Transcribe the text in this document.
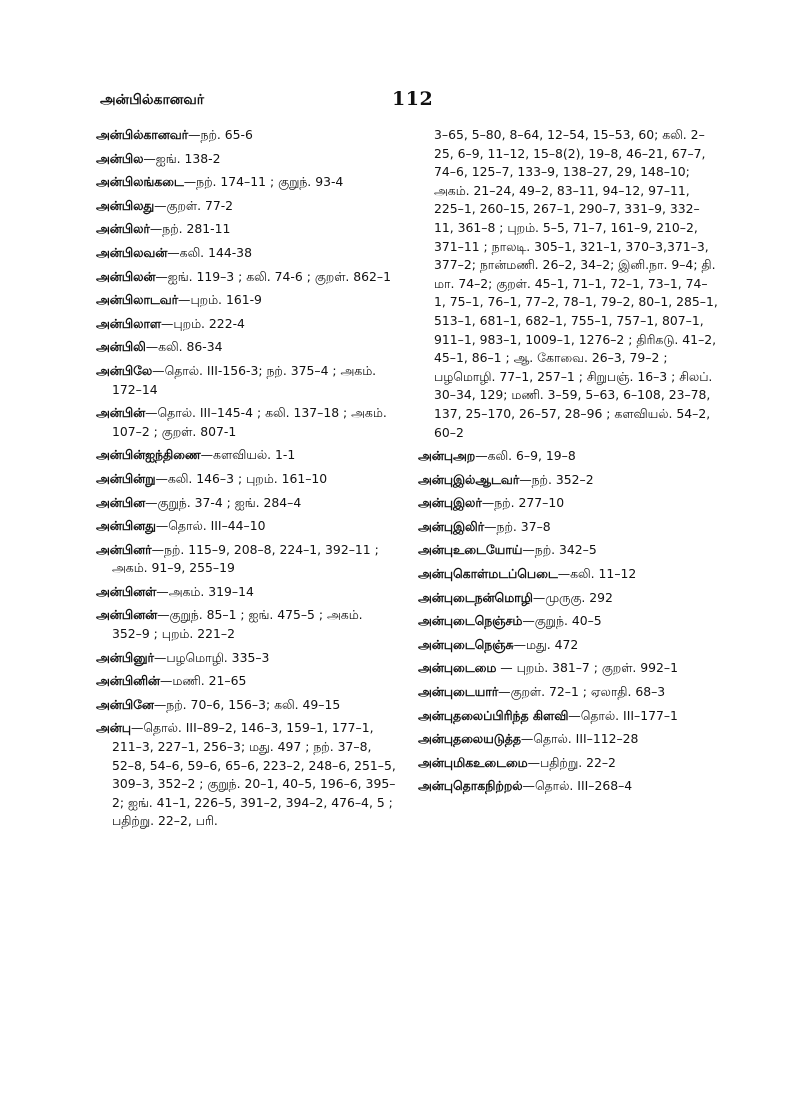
அன்பில்கானவர்	112
அன்பில்கானவர்—நற். 65-6
அன்பில—ஐங். 138-2
அன்பிலங்கடை—நற். 174–11 ; குறுந். 93-4
அன்பிலது—குறள். 77-2
அன்பிலர்—நற். 281-11
அன்பிலவன்—கலி. 144-38
அன்பிலன்—ஐங். 119–3 ; கலி. 74-6 ; குறள். 862–1
அன்பிலாடவர்—புறம். 161-9
அன்பிலாள—புறம். 222-4
அன்பிலி—கலி. 86-34
அன்பிலே—தொல். III-156-3; நற். 375–4 ; அகம். 172–14
அன்பின்—தொல். III–145-4 ; கலி. 137–18 ; அகம். 107–2 ; குறள். 807-1
அன்பின்ஐந்திணை—களவியல். 1-1
அன்பின்று—கலி. 146–3 ; புறம். 161–10
அன்பின—குறுந். 37-4 ; ஐங். 284–4
அன்பினது—தொல். III–44–10
அன்பினர்—நற். 115–9, 208–8, 224–1, 392–11 ; அகம். 91–9, 255–19
அன்பினள்—அகம். 319–14
அன்பினன்—குறுந். 85–1 ; ஐங். 475–5 ; அகம். 352–9 ; புறம். 221–2
அன்பினுர்—பழமொழி. 335–3
அன்பினின்—மணி. 21–65
அன்பினே—நற். 70–6, 156–3; கலி. 49–15
அன்பு—தொல். III–89–2, 146–3, 159–1, 177–1, 211–3, 227–1, 256–3; மது. 497 ; நற். 37–8, 52–8, 54–6, 59–6, 65–6, 223–2, 248–6, 251–5, 309–3, 352–2 ; குறுந். 20–1, 40–5, 196–6, 395–2; ஐங். 41–1, 226–5, 391–2, 394–2, 476–4, 5 ; பதிற்று. 22–2, பரி.
3–65, 5–80, 8–64, 12–54, 15–53, 60; கலி. 2–25, 6–9, 11–12, 15–8(2), 19–8, 46–21, 67–7, 74–6, 125–7, 133–9, 138–27, 29, 148–10; அகம். 21–24, 49–2, 83–11, 94–12, 97–11, 225–1, 260–15, 267–1, 290–7, 331–9, 332–11, 361–8 ; புறம். 5–5, 71–7, 161–9, 210–2, 371–11 ; நாலடி. 305–1, 321–1, 370–3,371–3, 377–2; நான்மணி. 26–2, 34–2; இனி.நா. 9–4; தி. மா. 74–2; குறள். 45–1, 71–1, 72–1, 73–1, 74–1, 75–1, 76–1, 77–2, 78–1, 79–2, 80–1, 285–1, 513–1, 681–1, 682–1, 755–1, 757–1, 807–1, 911–1, 983–1, 1009–1, 1276–2 ; திரிகடு. 41–2, 45–1, 86–1 ; ஆ. கோவை. 26–3, 79–2 ; பழமொழி. 77–1, 257–1 ; சிறுபஞ். 16–3 ; சிலப். 30–34, 129; மணி. 3–59, 5–63, 6–108, 23–78, 137, 25–170, 26–57, 28–96 ; களவியல். 54–2, 60–2
அன்புஅற—கலி. 6–9, 19–8
அன்புஇல்ஆடவர்—நற். 352–2
அன்புஇலர்—நற். 277–10
அன்புஇலிர்—நற். 37–8
அன்புஉடையோய்—நற். 342–5
அன்புகொள்மடப்பெடை—கலி. 11–12
அன்புடைநன்மொழி—முருகு. 292
அன்புடைநெஞ்சம்—குறுந். 40–5
அன்புடைநெஞ்சு—மது. 472
அன்புடைமை — புறம். 381–7 ; குறள். 992–1
அன்புடையார்—குறள். 72–1 ; ஏலாதி. 68–3
அன்புதலைப்பிரிந்த கிளவி—தொல். III–177–1
அன்புதலையடுத்த—தொல். III–112–28
அன்புமிகஉடைமை—பதிற்று. 22–2
அன்புதொகநிற்றல்—தொல். III–268–4
